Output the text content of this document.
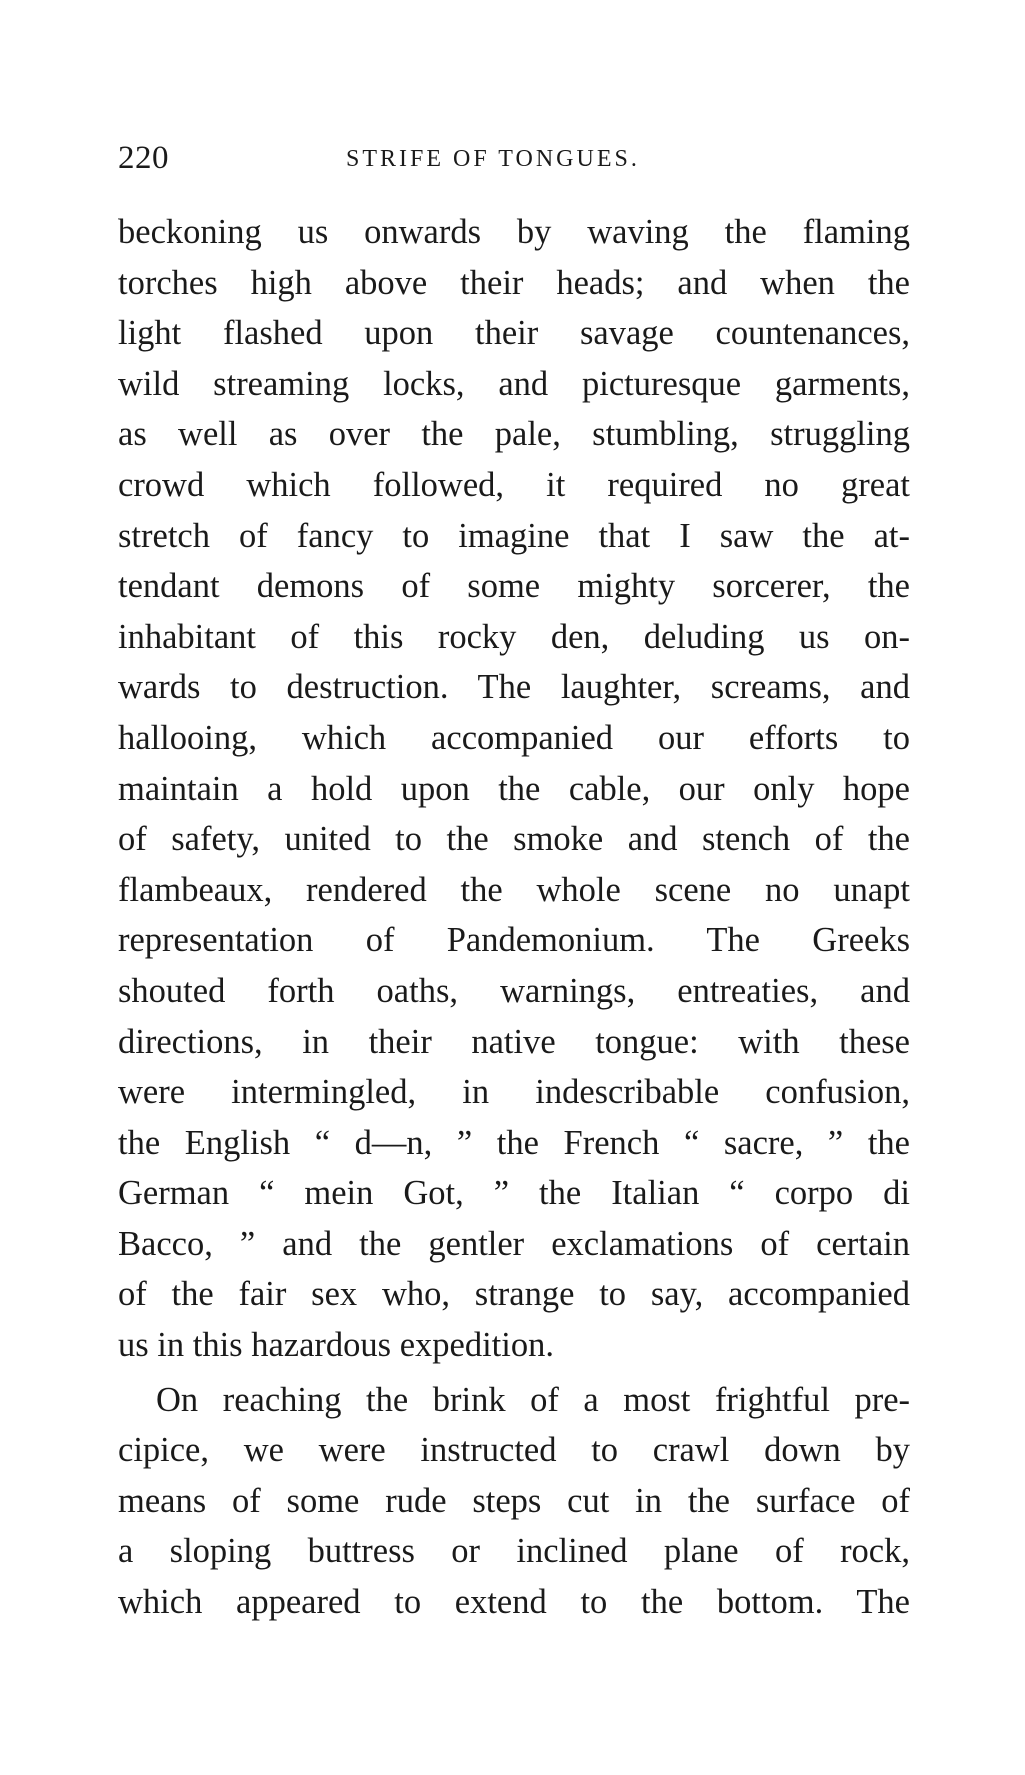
220	STRIFE OF TONGUES.
beckoning us onwards by waving the flaming
torches high above their heads; and when the
light flashed upon their savage countenances,
wild streaming locks, and picturesque garments,
as well as over the pale, stumbling, struggling
crowd which followed, it required no great
stretch of fancy to imagine that I saw the at-
tendant demons of some mighty sorcerer, the
inhabitant of this rocky den, deluding us on-
wards to destruction. The laughter, screams, and
hallooing, which accompanied our efforts to
maintain a hold upon the cable, our only hope
of safety, united to the smoke and stench of the
flambeaux, rendered the whole scene no unapt
representation of Pandemonium. The Greeks
shouted forth oaths, warnings, entreaties, and
directions, in their native tongue: with these
were intermingled, in indescribable confusion,
the English “ d—n, ” the French “ sacre, ” the
German “ mein Got, ” the Italian “ corpo di
Bacco, ” and the gentler exclamations of certain
of the fair sex who, strange to say, accompanied
us in this hazardous expedition.
On reaching the brink of a most frightful pre-
cipice, we were instructed to crawl down by
means of some rude steps cut in the surface of
a sloping buttress or inclined plane of rock,
which appeared to extend to the bottom. The
